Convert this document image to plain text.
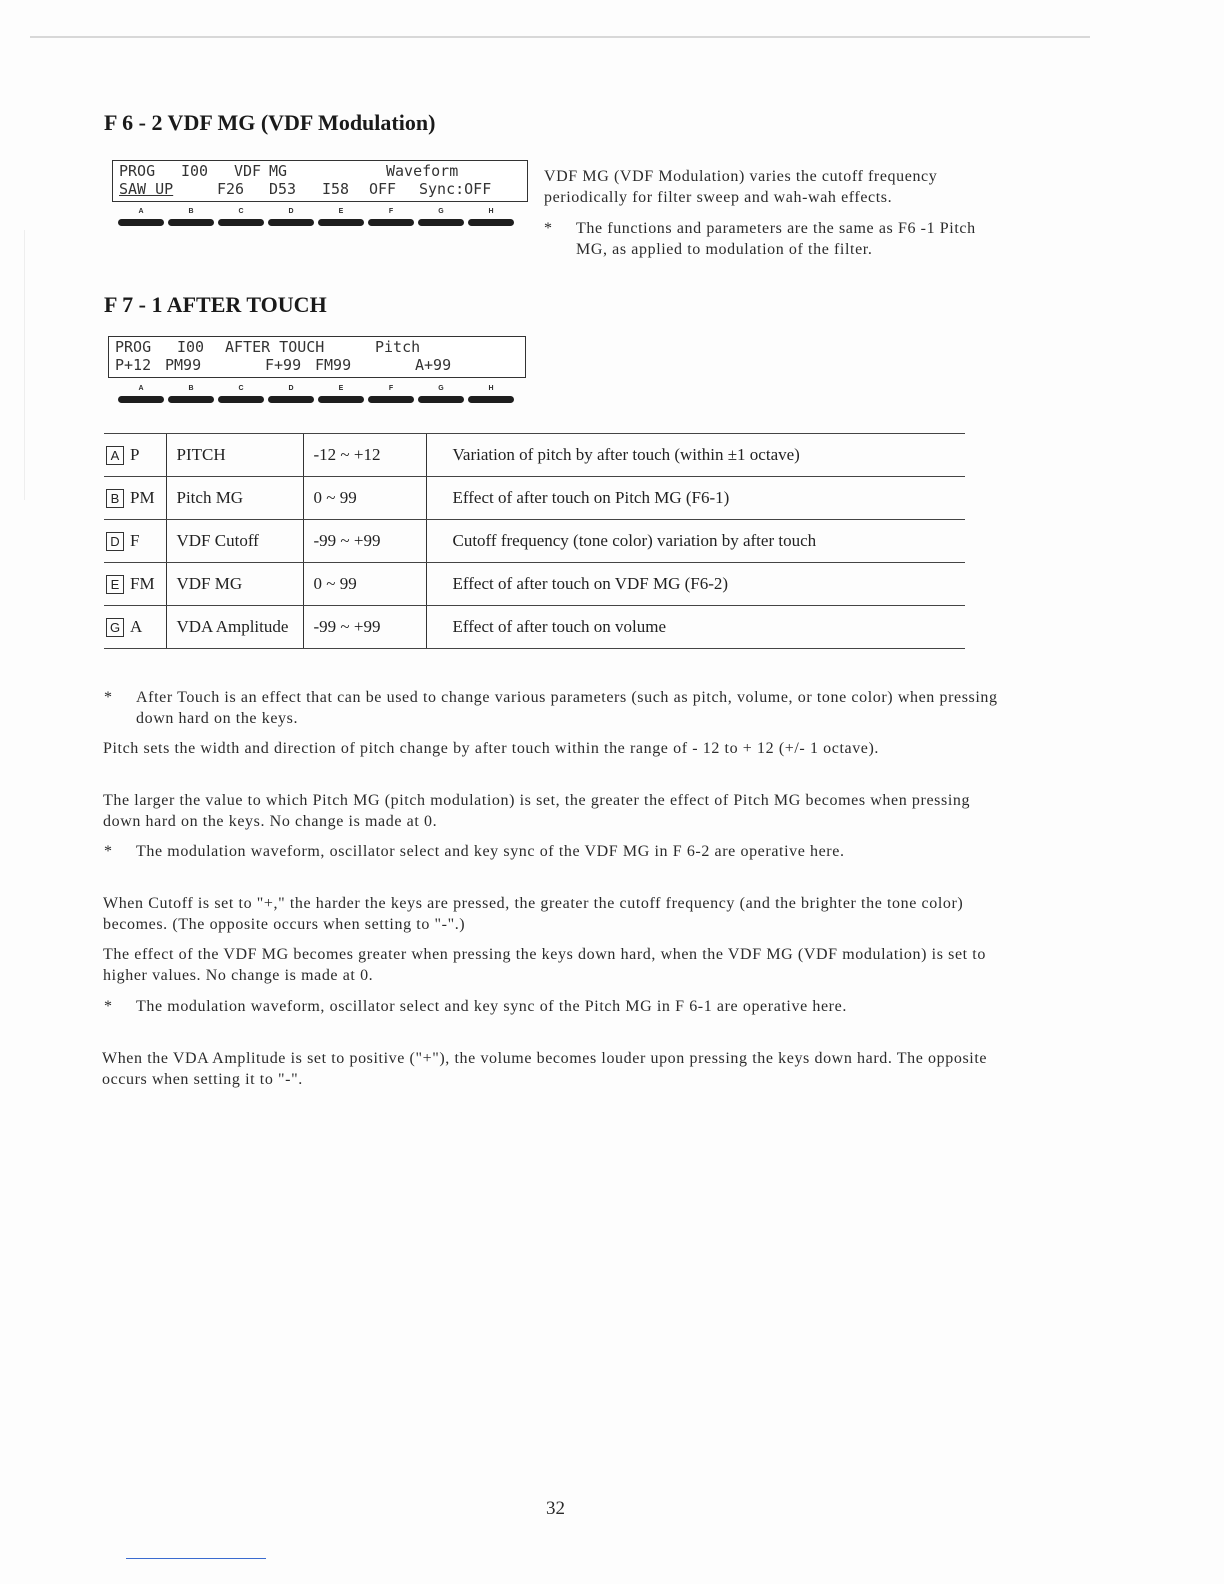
F 6 - 2 VDF MG (VDF Modulation)
PROG I00 VDF MG	Waveform
SAW UP	F26 D53 I58 OFF Sync:OFF
A	B	C	D	E	F	G	H

VDF MG (VDF Modulation) varies the cutoff frequency periodically for filter sweep and wah-wah effects.

* The functions and parameters are the same as F6 -1 Pitch MG, as applied to modulation of the filter.

F 7 - 1 AFTER TOUCH
PROG I00 AFTER TOUCH	Pitch
P+12 PM99	F+99 FM99	A+99
A	B	C	D	E	F	G	H
A P	PITCH	-12 ~ +12	Variation of pitch by after touch (within ±1 octave)
B PM	Pitch MG	0 ~ 99	Effect of after touch on Pitch MG (F6-1)
D F	VDF Cutoff	-99 ~ +99	Cutoff frequency (tone color) variation by after touch
E FM	VDF MG	0 ~ 99	Effect of after touch on VDF MG (F6-2)
G A	VDA Amplitude	-99 ~ +99	Effect of after touch on volume
* After Touch is an effect that can be used to change various parameters (such as pitch, volume, or tone color) when pressing down hard on the keys.

Pitch sets the width and direction of pitch change by after touch within the range of - 12 to + 12 (+/- 1 octave).

The larger the value to which Pitch MG (pitch modulation) is set, the greater the effect of Pitch MG becomes when pressing down hard on the keys. No change is made at 0.

* The modulation waveform, oscillator select and key sync of the VDF MG in F 6-2 are operative here.

When Cutoff is set to "+," the harder the keys are pressed, the greater the cutoff frequency (and the brighter the tone color) becomes. (The opposite occurs when setting to "-".)

The effect of the VDF MG becomes greater when pressing the keys down hard, when the VDF MG (VDF modulation) is set to higher values. No change is made at 0.

* The modulation waveform, oscillator select and key sync of the Pitch MG in F 6-1 are operative here.

When the VDA Amplitude is set to positive ("+"), the volume becomes louder upon pressing the keys down hard. The opposite occurs when setting it to "-".

32
